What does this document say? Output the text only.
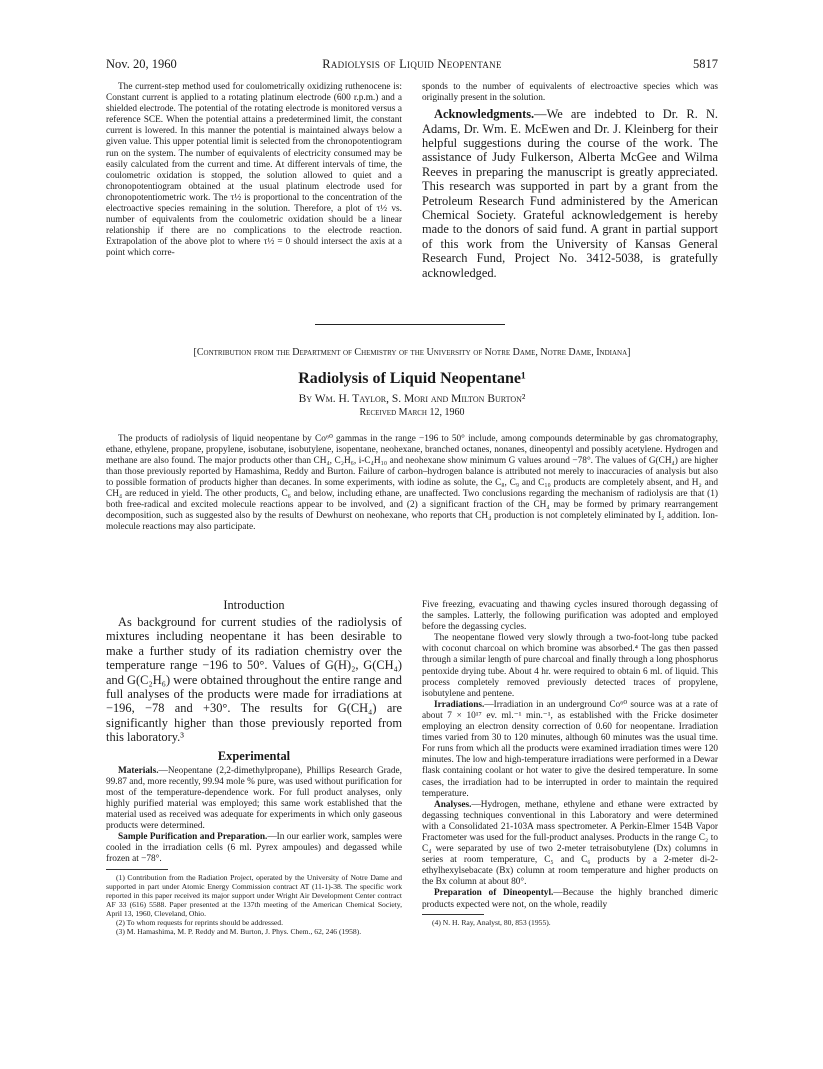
Nov. 20, 1960	Radiolysis of Liquid Neopentane	5817

The current-step method used for coulometrically oxidizing ruthenocene is: Constant current is applied to a rotating platinum electrode (600 r.p.m.) and a shielded electrode. The potential of the rotating electrode is monitored versus a reference SCE. When the potential attains a predetermined limit, the constant current is lowered. In this manner the potential is maintained always below a given value. This upper potential limit is selected from the chronopotentiogram run on the system. The number of equivalents of electricity consumed may be easily calculated from the current and time. At different intervals of time, the coulometric oxidation is stopped, the solution allowed to quiet and a chronopotentiogram obtained at the usual platinum electrode used for chronopotentiometric work. The τ½ is proportional to the concentration of the electroactive species remaining in the solution. Therefore, a plot of τ½ vs. number of equivalents from the coulometric oxidation should be a linear relationship if there are no complications to the electrode reaction. Extrapolation of the above plot to where τ½ = 0 should intersect the axis at a point which corre-

sponds to the number of equivalents of electroactive species which was originally present in the solution.

Acknowledgments.—We are indebted to Dr. R. N. Adams, Dr. Wm. E. McEwen and Dr. J. Kleinberg for their helpful suggestions during the course of the work. The assistance of Judy Fulkerson, Alberta McGee and Wilma Reeves in preparing the manuscript is greatly appreciated. This research was supported in part by a grant from the Petroleum Research Fund administered by the American Chemical Society. Grateful acknowledgement is hereby made to the donors of said fund. A grant in partial support of this work from the University of Kansas General Research Fund, Project No. 3412-5038, is gratefully acknowledged.

[Contribution from the Department of Chemistry of the University of Notre Dame, Notre Dame, Indiana]
Radiolysis of Liquid Neopentane¹
By Wm. H. Taylor, S. Mori and Milton Burton²
Received March 12, 1960
The products of radiolysis of liquid neopentane by Co⁶⁰ gammas in the range −196 to 50° include, among compounds determinable by gas chromatography, ethane, ethylene, propane, propylene, isobutane, isobutylene, isopentane, neohexane, branched octanes, nonanes, dineopentyl and possibly acetylene. Hydrogen and methane are also found. The major products other than CH₄, C₂H₆, i-C₄H₁₀ and neohexane show minimum G values around −78°. The values of G(CH₄) are higher than those previously reported by Hamashima, Reddy and Burton. Failure of carbon–hydrogen balance is attributed not merely to inaccuracies of analysis but also to possible formation of products higher than decanes. In some experiments, with iodine as solute, the C₈, C₉ and C₁₀ products are completely absent, and H₂ and CH₄ are reduced in yield. The other products, C₆ and below, including ethane, are unaffected. Two conclusions regarding the mechanism of radiolysis are that (1) both free-radical and excited molecule reactions appear to be involved, and (2) a significant fraction of the CH₄ may be formed by primary rearrangement decomposition, such as suggested also by the results of Dewhurst on neohexane, who reports that CH₄ production is not completely eliminated by I₂ addition. Ion-molecule reactions may also participate.
Introduction

As background for current studies of the radiolysis of mixtures including neopentane it has been desirable to make a further study of its radiation chemistry over the temperature range −196 to 50°. Values of G(H)₂, G(CH₄) and G(C₂H₆) were obtained throughout the entire range and full analyses of the products were made for irradiations at −196, −78 and +30°. The results for G(CH₄) are significantly higher than those previously reported from this laboratory.³

Experimental

Materials.—Neopentane (2,2-dimethylpropane), Phillips Research Grade, 99.87 and, more recently, 99.94 mole % pure, was used without purification for most of the temperature-dependence work. For full product analyses, only highly purified material was employed; this same work established that the material used as received was adequate for experiments in which only gaseous products were determined.

Sample Purification and Preparation.—In our earlier work, samples were cooled in the irradiation cells (6 ml. Pyrex ampoules) and degassed while frozen at −78°.

(1) Contribution from the Radiation Project, operated by the University of Notre Dame and supported in part under Atomic Energy Commission contract AT (11-1)-38. The specific work reported in this paper received its major support under Wright Air Development Center contract AF 33 (616) 5588. Paper presented at the 137th meeting of the American Chemical Society, April 13, 1960, Cleveland, Ohio.

(2) To whom requests for reprints should be addressed.

(3) M. Hamashima, M. P. Reddy and M. Burton, J. Phys. Chem., 62, 246 (1958).

Five freezing, evacuating and thawing cycles insured thorough degassing of the samples. Latterly, the following purification was adopted and employed before the degassing cycles.

The neopentane flowed very slowly through a two-foot-long tube packed with coconut charcoal on which bromine was absorbed.⁴ The gas then passed through a similar length of pure charcoal and finally through a long phosphorus pentoxide drying tube. About 4 hr. were required to obtain 6 ml. of liquid. This process completely removed previously detected traces of propylene, isobutylene and pentene.

Irradiations.—Irradiation in an underground Co⁶⁰ source was at a rate of about 7 × 10¹⁷ ev. ml.⁻¹ min.⁻¹, as established with the Fricke dosimeter employing an electron density correction of 0.60 for neopentane. Irradiation times varied from 30 to 120 minutes, although 60 minutes was the usual time. For runs from which all the products were examined irradiation times were 120 minutes. The low and high-temperature irradiations were performed in a Dewar flask containing coolant or hot water to give the desired temperature. In some cases, the irradiation had to be interrupted in order to maintain the required temperature.

Analyses.—Hydrogen, methane, ethylene and ethane were extracted by degassing techniques conventional in this Laboratory and were determined with a Consolidated 21-103A mass spectrometer. A Perkin-Elmer 154B Vapor Fractometer was used for the full-product analyses. Products in the range C₂ to C₄ were separated by use of two 2-meter tetraisobutylene (Dx) columns in series at room temperature, C₅ and C₆ products by a 2-meter di-2-ethylhexylsebacate (Bx) column at room temperature and higher products on the Bx column at about 80°.

Preparation of Dineopentyl.—Because the highly branched dimeric products expected were not, on the whole, readily

(4) N. H. Ray, Analyst, 80, 853 (1955).
